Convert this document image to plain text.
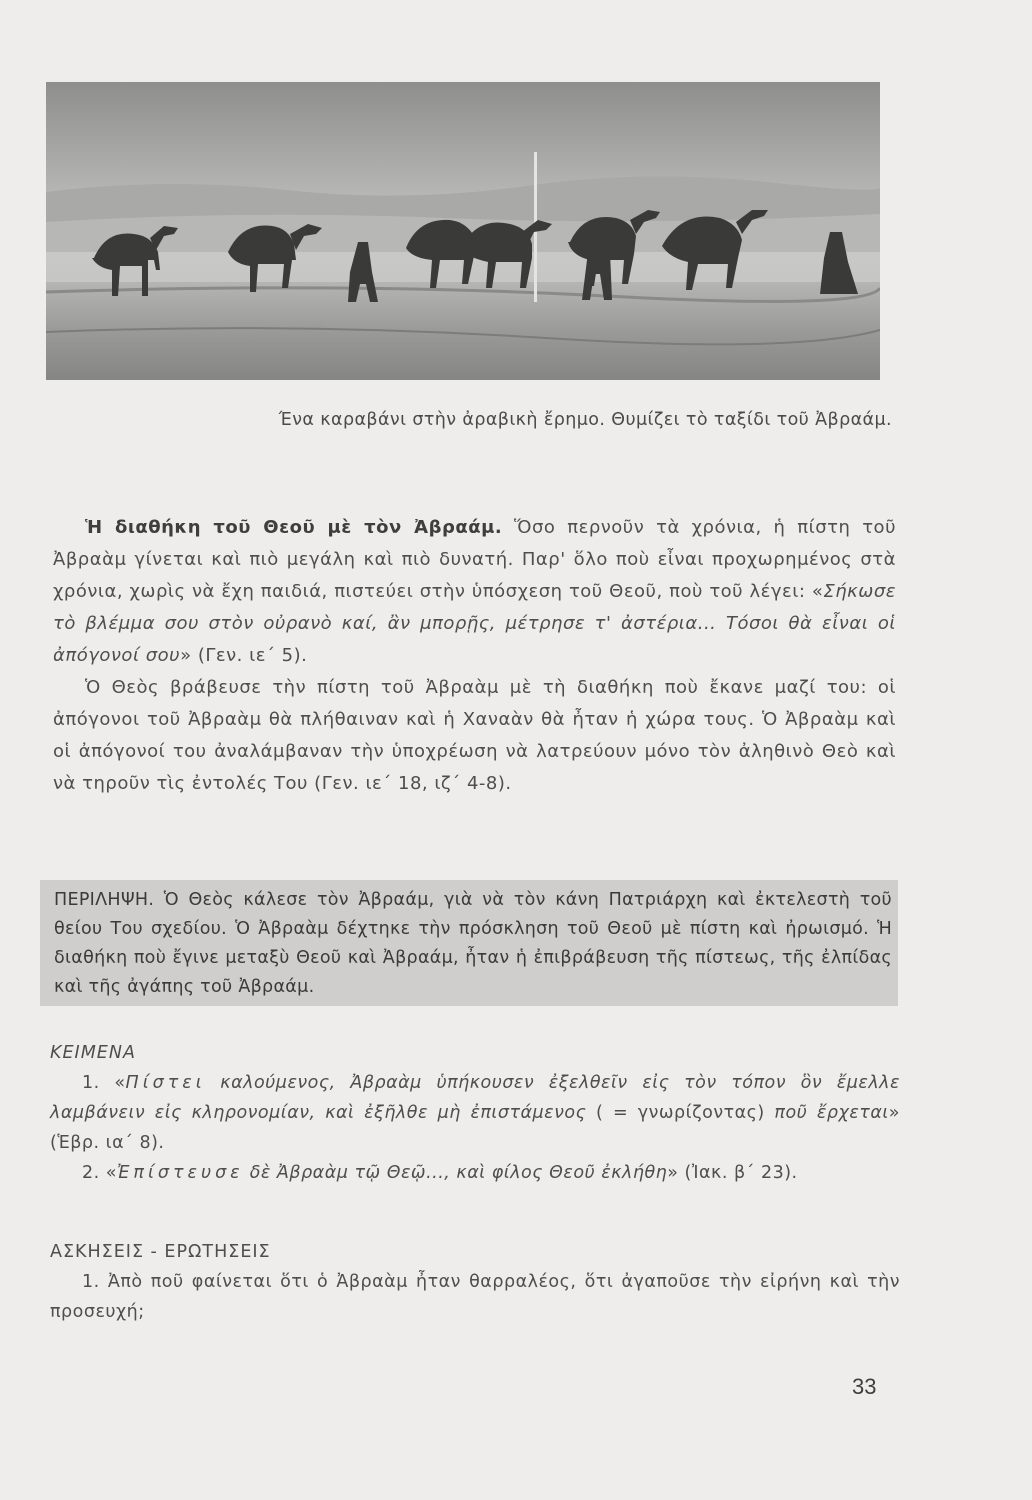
Ένα καραβάνι στὴν ἀραβικὴ ἔρημο. Θυμίζει τὸ ταξίδι τοῦ Ἀβραάμ.

Ἡ διαθήκη τοῦ Θεοῦ μὲ τὸν Ἀβραάμ. Ὅσο περνοῦν τὰ χρόνια, ἡ πίστη τοῦ Ἀβραὰμ γίνεται καὶ πιὸ μεγάλη καὶ πιὸ δυνατή. Παρ' ὅλο ποὺ εἶναι προχωρημένος στὰ χρόνια, χωρὶς νὰ ἔχη παιδιά, πιστεύει στὴν ὑπόσχεση τοῦ Θεοῦ, ποὺ τοῦ λέγει: «Σήκωσε τὸ βλέμμα σου στὸν οὐρανὸ καί, ἂν μπορῇς, μέτρησε τ' ἀστέρια... Τόσοι θὰ εἶναι οἱ ἀπόγονοί σου» (Γεν. ιε΄ 5).

Ὁ Θεὸς βράβευσε τὴν πίστη τοῦ Ἀβραὰμ μὲ τὴ διαθήκη ποὺ ἔκανε μαζί του: οἱ ἀπόγονοι τοῦ Ἀβραὰμ θὰ πλήθαιναν καὶ ἡ Χαναὰν θὰ ἦταν ἡ χώρα τους. Ὁ Ἀβραὰμ καὶ οἱ ἀπόγονοί του ἀναλάμβαναν τὴν ὑποχρέωση νὰ λατρεύουν μόνο τὸν ἀληθινὸ Θεὸ καὶ νὰ τηροῦν τὶς ἐντολές Του (Γεν. ιε΄ 18, ιζ΄ 4-8).

ΠΕΡΙΛΗΨΗ. Ὁ Θεὸς κάλεσε τὸν Ἀβραάμ, γιὰ νὰ τὸν κάνη Πατριάρχη καὶ ἐκτελεστὴ τοῦ θείου Του σχεδίου. Ὁ Ἀβραὰμ δέχτηκε τὴν πρόσκληση τοῦ Θεοῦ μὲ πίστη καὶ ἠρωισμό. Ἡ διαθήκη ποὺ ἔγινε μεταξὺ Θεοῦ καὶ Ἀβραάμ, ἦταν ἡ ἐπιβράβευση τῆς πίστεως, τῆς ἐλπίδας καὶ τῆς ἀγάπης τοῦ Ἀβραάμ.

ΚΕΙΜΕΝΑ

1. «Πίστει καλούμενος, Ἀβραὰμ ὑπήκουσεν ἐξελθεῖν εἰς τὸν τόπον ὃν ἔμελλε λαμβάνειν εἰς κληρονομίαν, καὶ ἐξῆλθε μὴ ἐπιστάμενος ( = γνωρίζοντας) ποῦ ἔρχεται» (Ἑβρ. ια΄ 8).

2. «Ἐπίστευσε δὲ Ἀβραὰμ τῷ Θεῷ..., καὶ φίλος Θεοῦ ἐκλήθη» (Ἰακ. β΄ 23).

ΑΣΚΗΣΕΙΣ - ΕΡΩΤΗΣΕΙΣ

1. Ἀπὸ ποῦ φαίνεται ὅτι ὁ Ἀβραὰμ ἦταν θαρραλέος, ὅτι ἀγαποῦσε τὴν εἰρήνη καὶ τὴν προσευχή;

33
